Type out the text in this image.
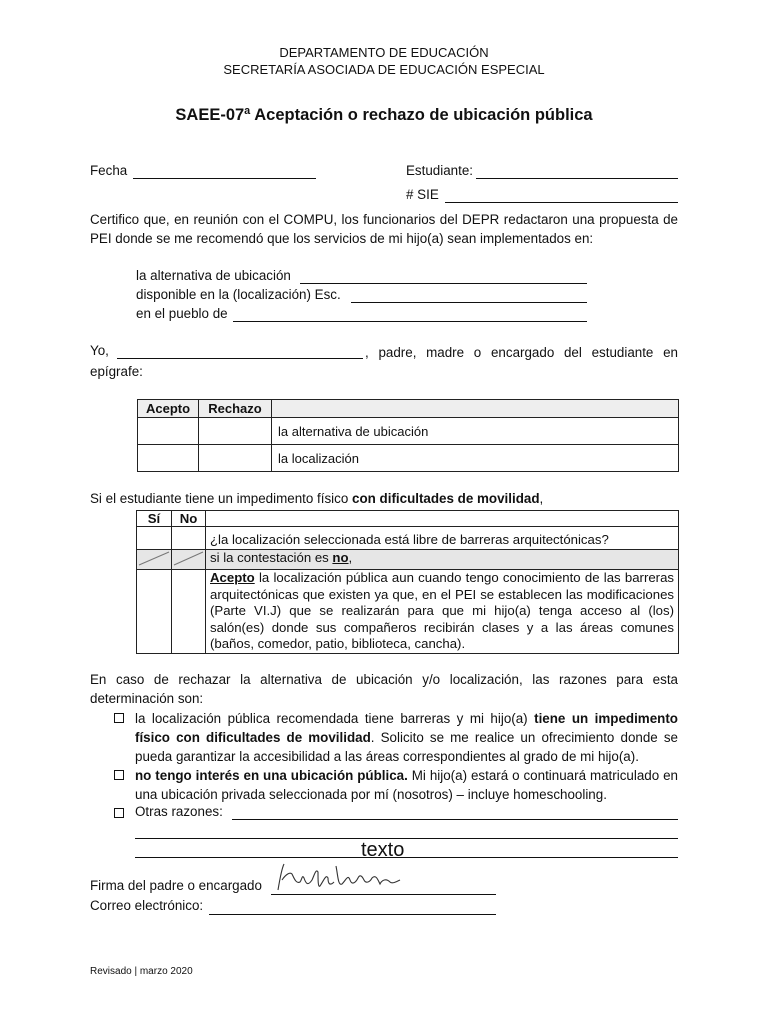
DEPARTAMENTO DE EDUCACIÓN
SECRETARÍA ASOCIADA DE EDUCACIÓN ESPECIAL
SAEE-07ª Aceptación o rechazo de ubicación pública
Fecha	Estudiante:
# SIE
Certifico que, en reunión con el COMPU, los funcionarios del DEPR redactaron una propuesta de PEI donde se me recomendó que los servicios de mi hijo(a) sean implementados en:
la alternativa de ubicación
disponible en la (localización) Esc.
en el pueblo de
Yo,	, padre, madre o encargado del estudiante en epígrafe:
Acepto	Rechazo	
		la alternativa de ubicación
		la localización
Si el estudiante tiene un impedimento físico con dificultades de movilidad,
Sí	No	
		¿la localización seleccionada está libre de barreras arquitectónicas?
		si la contestación es no,
		Acepto la localización pública aun cuando tengo conocimiento de las barreras arquitectónicas que existen ya que, en el PEI se establecen las modificaciones (Parte VI.J) que se realizarán para que mi hijo(a) tenga acceso al (los) salón(es) donde sus compañeros recibirán clases y a las áreas comunes (baños, comedor, patio, biblioteca, cancha).
En caso de rechazar la alternativa de ubicación y/o localización, las razones para esta determinación son:
la localización pública recomendada tiene barreras y mi hijo(a) tiene un impedimento físico con dificultades de movilidad. Solicito se me realice un ofrecimiento donde se pueda garantizar la accesibilidad a las áreas correspondientes al grado de mi hijo(a).
no tengo interés en una ubicación pública. Mi hijo(a) estará o continuará matriculado en una ubicación privada seleccionada por mí (nosotros) – incluye homeschooling.
Otras razones:
texto
Firma del padre o encargado
Correo electrónico:
Revisado | marzo 2020
